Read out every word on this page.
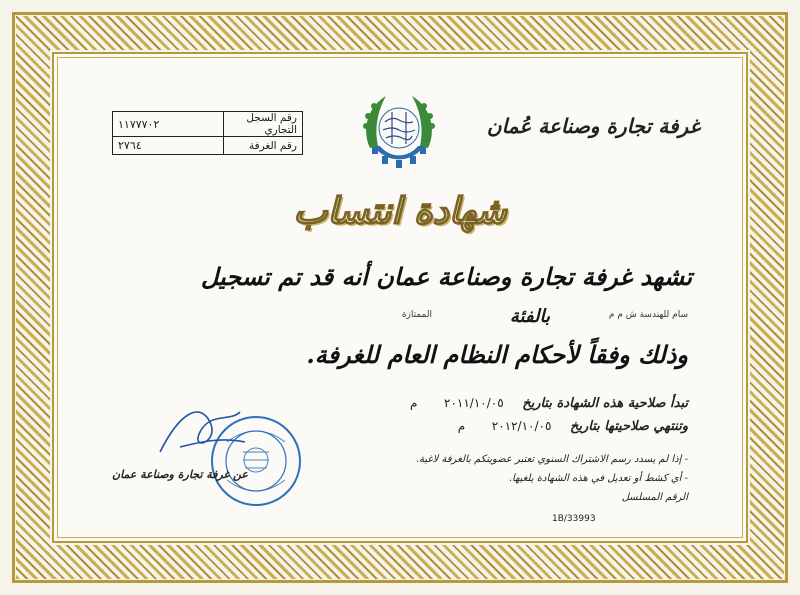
١١٧٧٧٠٢	رقم السجل التجاري
٢٧٦٤	رقم الغرفة
غرفة تجارة وصناعة عُمان
شهادة انتساب
تشهد غرفة تجارة وصناعة عمان أنه قد تم تسجيل
سام للهندسة ش م م
بالفئة
الممتازة
وذلك وفقاً لأحكام النظام العام للغرفة.
تبدأ صلاحية هذه الشهادة بتاريخ ٢٠١١/١٠/٠٥ م
وتنتهي صلاحيتها بتاريخ ٢٠١٢/١٠/٠٥ م
- إذا لم يسدد رسم الاشتراك السنوي تعتبر عضويتكم بالغرفة لاغية.
- أي كشط أو تعديل في هذه الشهادة يلغيها.
الرقم المسلسل
1B/33993
عن غرفة تجارة وصناعة عمان
